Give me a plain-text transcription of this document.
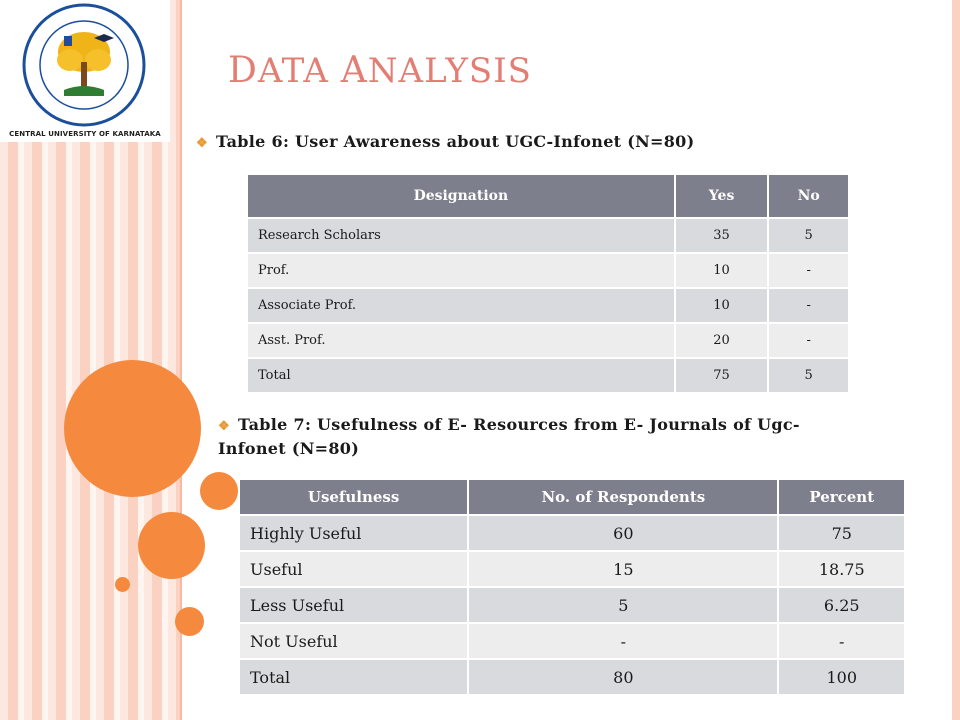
CENTRAL UNIVERSITY OF KARNATAKA
DATA ANALYSIS
❖ Table 6: User Awareness about UGC-Infonet (N=80)
Designation	Yes	No
Research Scholars	35	5
Prof.	10	-
Associate Prof.	10	-
Asst. Prof.	20	-
Total	75	5
❖ Table 7: Usefulness of E- Resources from E- Journals of Ugc-
Infonet (N=80)
Usefulness	No. of Respondents	Percent
Highly Useful	60	75
Useful	15	18.75
Less Useful	5	6.25
Not Useful	-	-
Total	80	100
